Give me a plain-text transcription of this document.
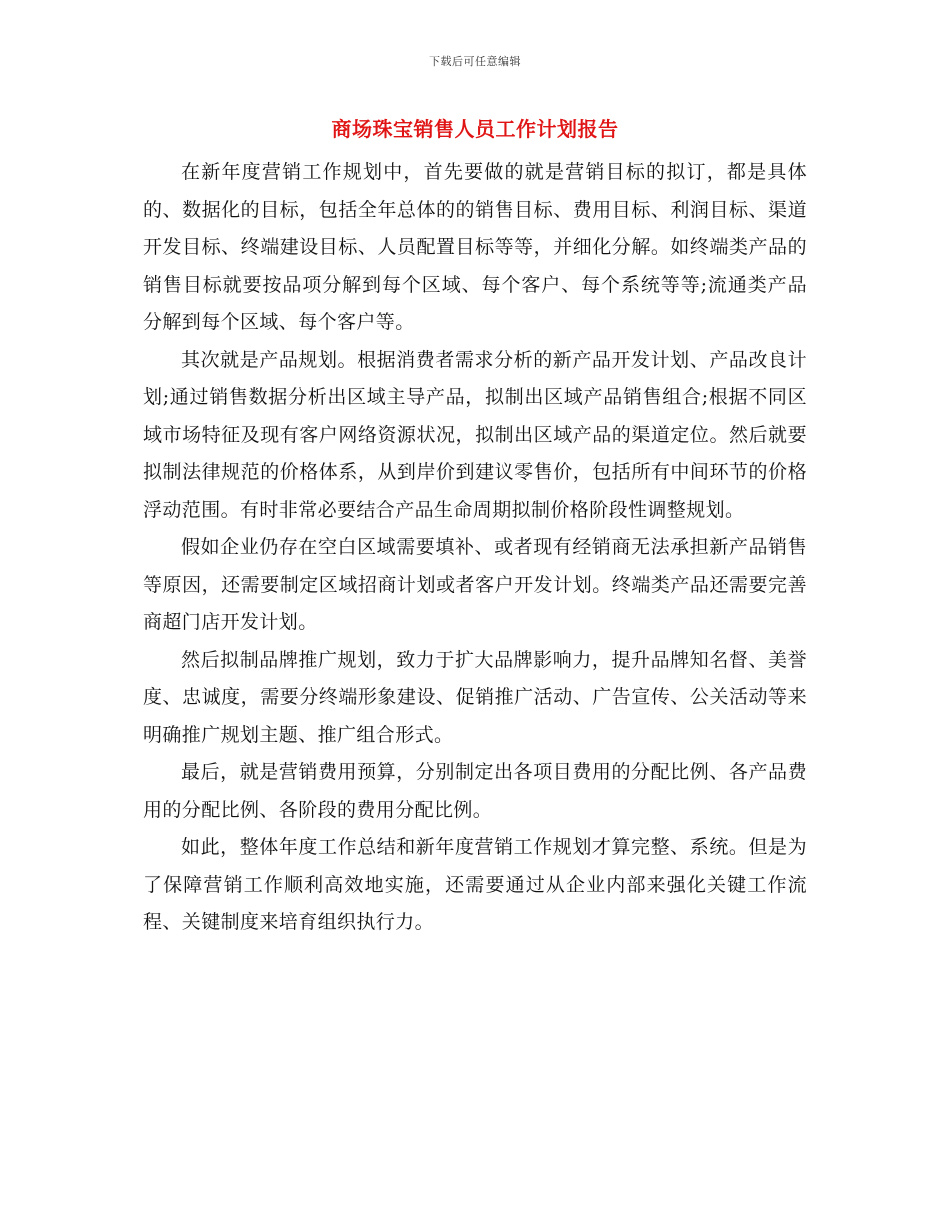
下载后可任意编辑
商场珠宝销售人员工作计划报告

在新年度营销工作规划中，首先要做的就是营销目标的拟订，都是具体的、数据化的目标，包括全年总体的的销售目标、费用目标、利润目标、渠道开发目标、终端建设目标、人员配置目标等等，并细化分解。如终端类产品的销售目标就要按品项分解到每个区域、每个客户、每个系统等等;流通类产品分解到每个区域、每个客户等。

其次就是产品规划。根据消费者需求分析的新产品开发计划、产品改良计划;通过销售数据分析出区域主导产品，拟制出区域产品销售组合;根据不同区域市场特征及现有客户网络资源状况，拟制出区域产品的渠道定位。然后就要拟制法律规范的价格体系，从到岸价到建议零售价，包括所有中间环节的价格浮动范围。有时非常必要结合产品生命周期拟制价格阶段性调整规划。

假如企业仍存在空白区域需要填补、或者现有经销商无法承担新产品销售等原因，还需要制定区域招商计划或者客户开发计划。终端类产品还需要完善商超门店开发计划。

然后拟制品牌推广规划，致力于扩大品牌影响力，提升品牌知名督、美誉度、忠诚度，需要分终端形象建设、促销推广活动、广告宣传、公关活动等来明确推广规划主题、推广组合形式。

最后，就是营销费用预算，分别制定出各项目费用的分配比例、各产品费用的分配比例、各阶段的费用分配比例。

如此，整体年度工作总结和新年度营销工作规划才算完整、系统。但是为了保障营销工作顺利高效地实施，还需要通过从企业内部来强化关键工作流程、关键制度来培育组织执行力。
